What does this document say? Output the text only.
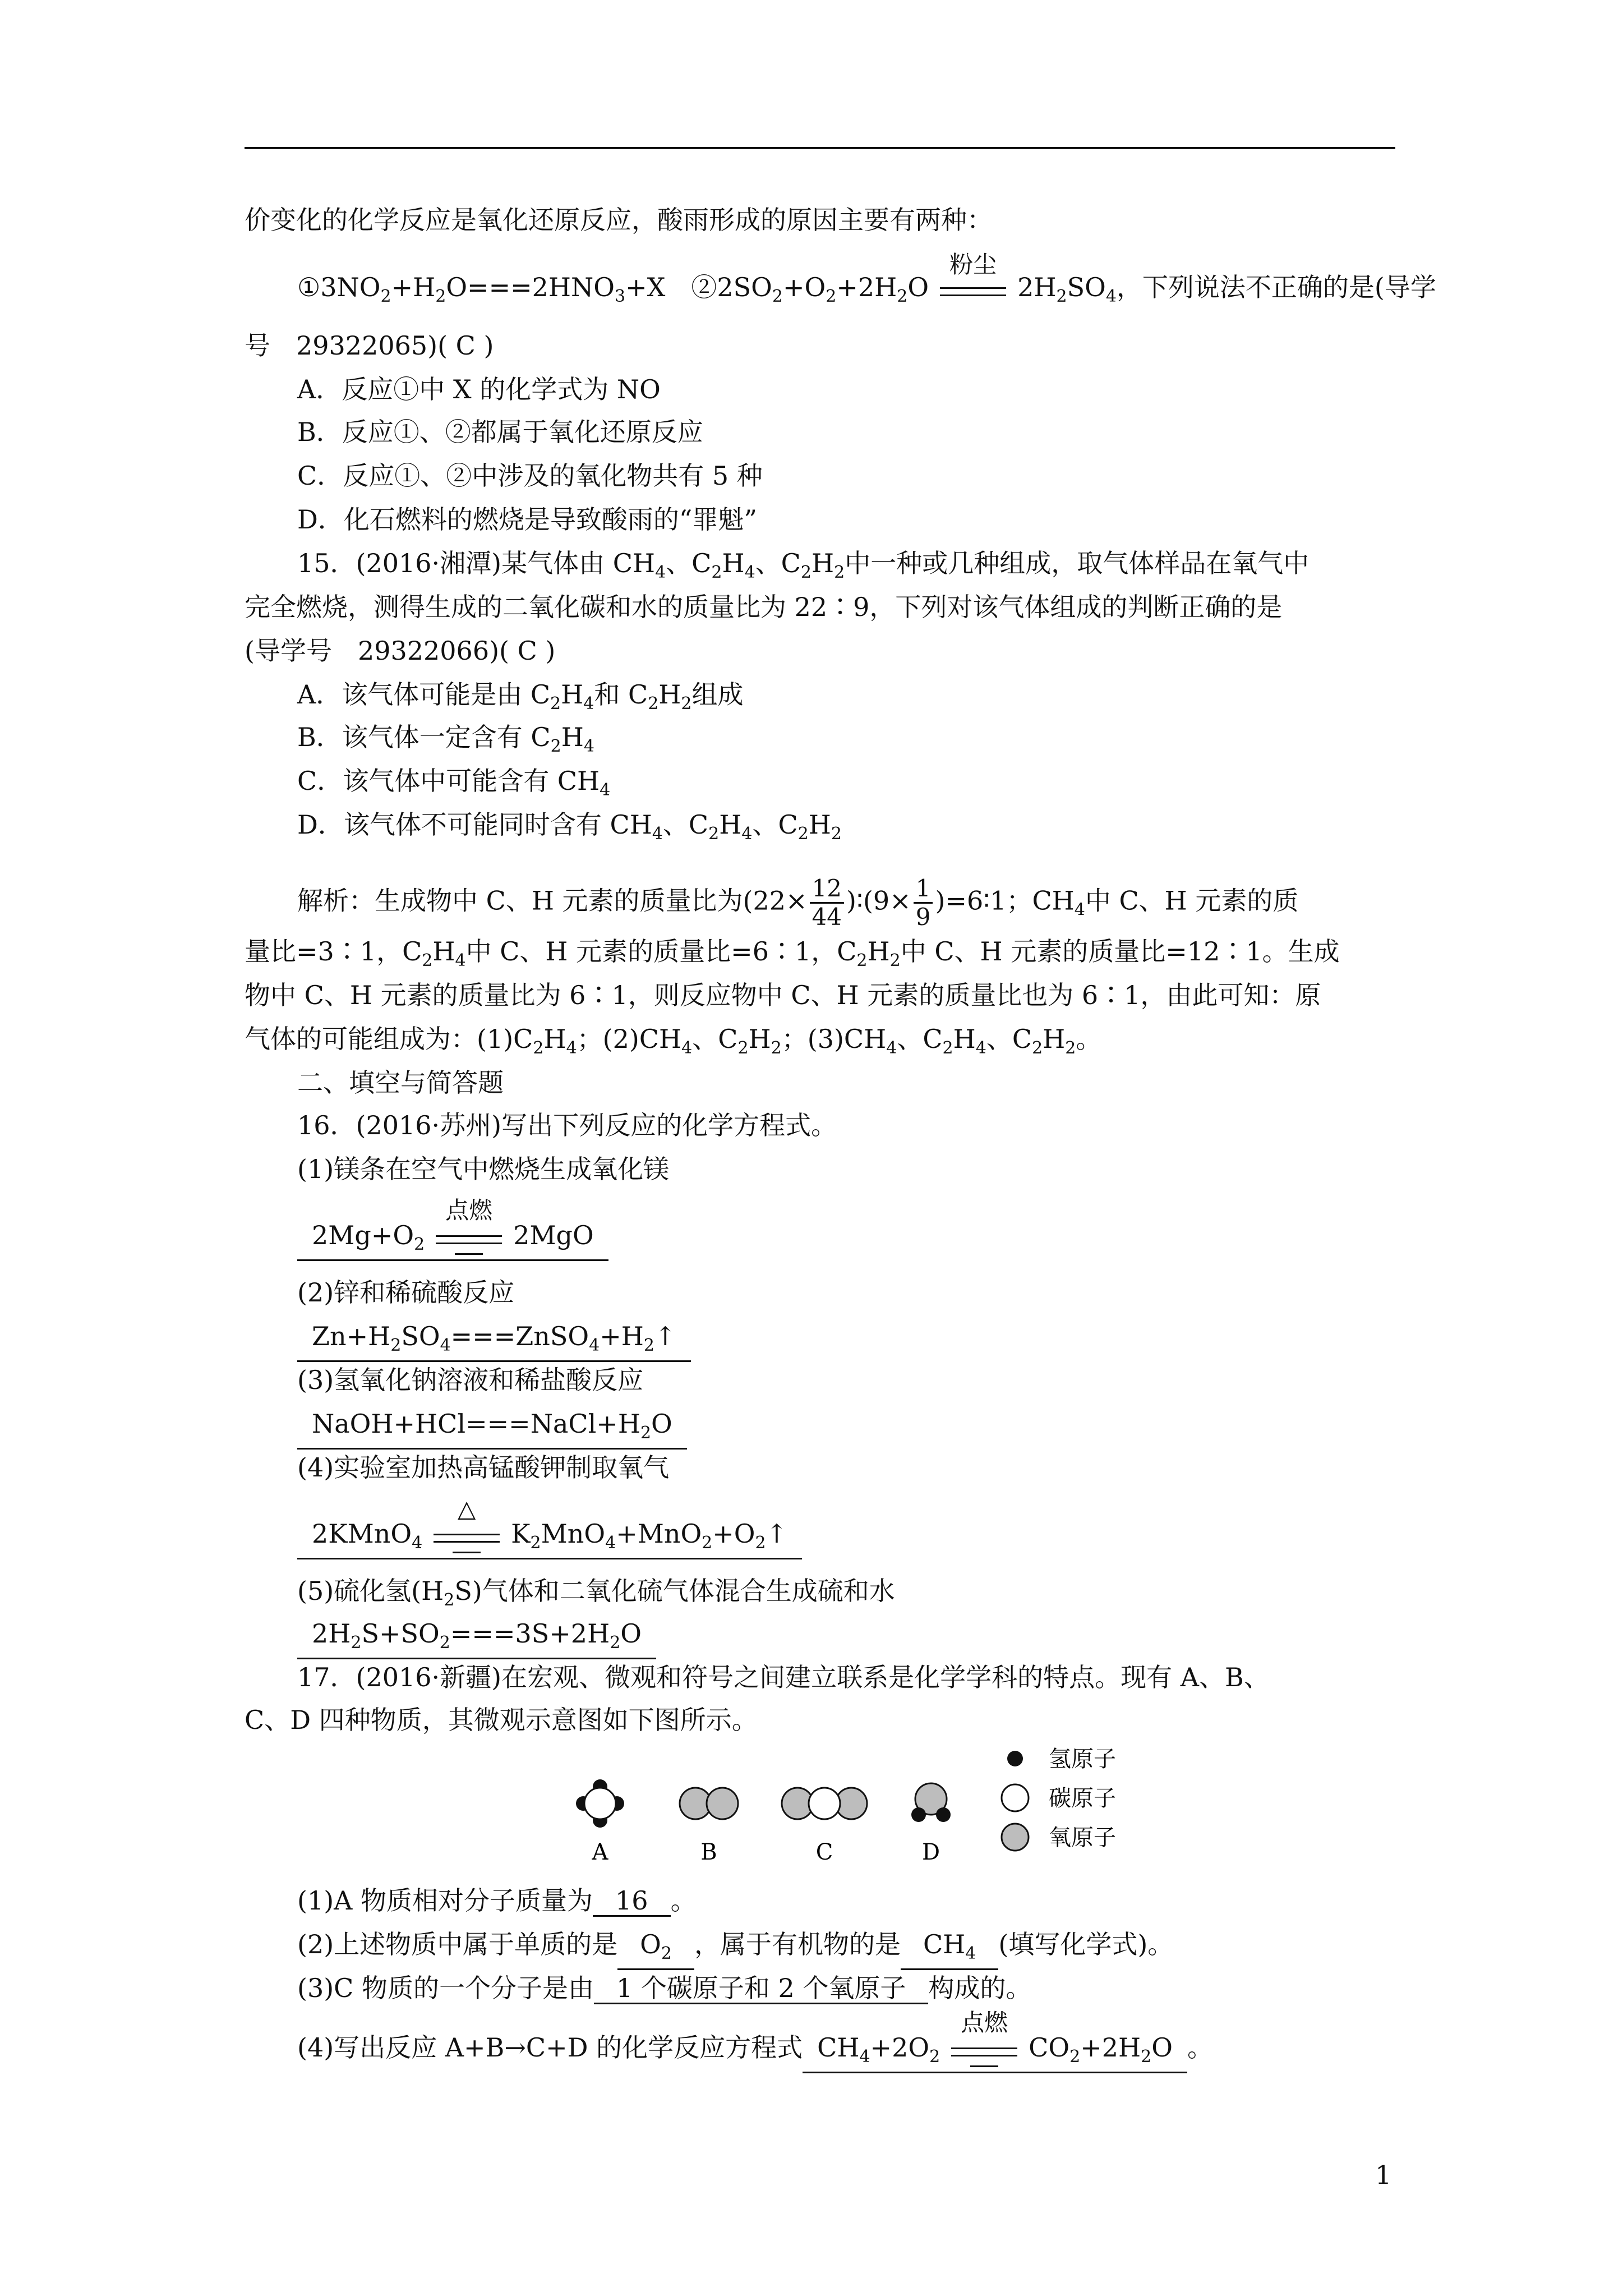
价变化的化学反应是氧化还原反应，酸雨形成的原因主要有两种：
$①3NO_2+H_2O===2HNO_3+X$　$②2SO_2+O_2+2H_2O$
粉尘
$2H_2SO_4$，下列说法不正确的是(导学
号　29322065)( C )
A．反应①中 X 的化学式为 NO
B．反应①、②都属于氧化还原反应
C．反应①、②中涉及的氧化物共有 5 种
D．化石燃料的燃烧是导致酸雨的“罪魁”
15．(2016·湘潭)某气体由 $CH_4$、$C_2H_4$、$C_2H_2$中一种或几种组成，取气体样品在氧气中
完全燃烧，测得生成的二氧化碳和水的质量比为 22∶9，下列对该气体组成的判断正确的是
(导学号　29322066)( C )
A．该气体可能是由 $C_2H_4$和 $C_2H_2$组成
B．该气体一定含有 $C_2H_4$
C．该气体中可能含有 $CH_4$
D．该气体不可能同时含有 $CH_4$、$C_2H_4$、$C_2H_2$
解析：生成物中 C、H 元素的质量比为($22\times \frac{12}{44}$ )∶(9× $\frac{1}{9}$ )=6∶1；$CH_4$中 C、H 元素的质
量比=3∶1，$C_2H_4$中 C、H 元素的质量比=6∶1，$C_2H_2$中 C、H 元素的质量比=12∶1。生成
物中 C、H 元素的质量比为 6∶1，则反应物中 C、H 元素的质量比也为 6∶1，由此可知：原
气体的可能组成为：$(1)C_2H_4$；$(2)CH_4$、$C_2H_2$；$(3)CH_4$、$C_2H_4$、$C_2H_2$。
二、填空与简答题
16．(2016·苏州)写出下列反应的化学方程式。
(1)镁条在空气中燃烧生成氧化镁
$2Mg+O_2$
点燃
2MgO
(2)锌和稀硫酸反应
$Zn+H_2SO_4===ZnSO_4+H_2↑$
(3)氢氧化钠溶液和稀盐酸反应
$NaOH+HCl===NaCl+H_2O$
(4)实验室加热高锰酸钾制取氧气
2KMnO$_4$
△
$K_2MnO_4+MnO_2+O_2↑$
(5)硫化氢$(H_2S)$气体和二氧化硫气体混合生成硫和水
$2H_2S+SO_2===3S+2H_2O$
17．(2016·新疆)在宏观、微观和符号之间建立联系是化学学科的特点。现有 A、B、
C、D 四种物质，其微观示意图如下图所示。
A	B	C	D
氢原子
碳原子
氧原子
(1)A 物质相对分子质量为 16 。
(2)上述物质中属于单质的是 $O_2$ ，属于有机物的是 $CH_4$ (填写化学式)。
(3)C 物质的一个分子是由 1 个碳原子和 2 个氧原子 构成的。
(4)写出反应 A+B→C+D 的化学反应方程式 $CH_4+2O_2$
点燃
$CO_2+2H_2O$ 。
1
